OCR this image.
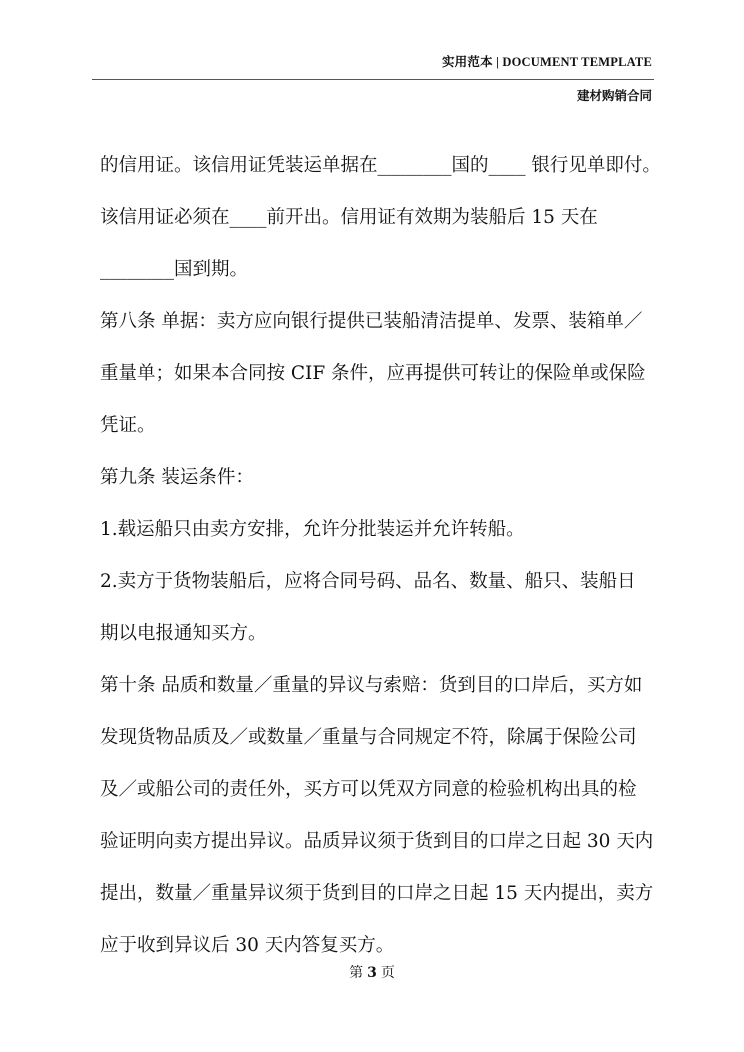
实用范本 | DOCUMENT TEMPLATE
建材购销合同

的信用证。该信用证凭装运单据在________国的____ 银行见单即付。

该信用证必须在____前开出。信用证有效期为装船后 15 天在

________国到期。

第八条 单据：卖方应向银行提供已装船清洁提单、发票、装箱单／

重量单；如果本合同按 CIF 条件，应再提供可转让的保险单或保险

凭证。

第九条 装运条件：

1.载运船只由卖方安排，允许分批装运并允许转船。

2.卖方于货物装船后，应将合同号码、品名、数量、船只、装船日

期以电报通知买方。

第十条 品质和数量／重量的异议与索赔：货到目的口岸后，买方如

发现货物品质及／或数量／重量与合同规定不符，除属于保险公司

及／或船公司的责任外，买方可以凭双方同意的检验机构出具的检

验证明向卖方提出异议。品质异议须于货到目的口岸之日起 30 天内

提出，数量／重量异议须于货到目的口岸之日起 15 天内提出，卖方

应于收到异议后 30 天内答复买方。

第 3 页
